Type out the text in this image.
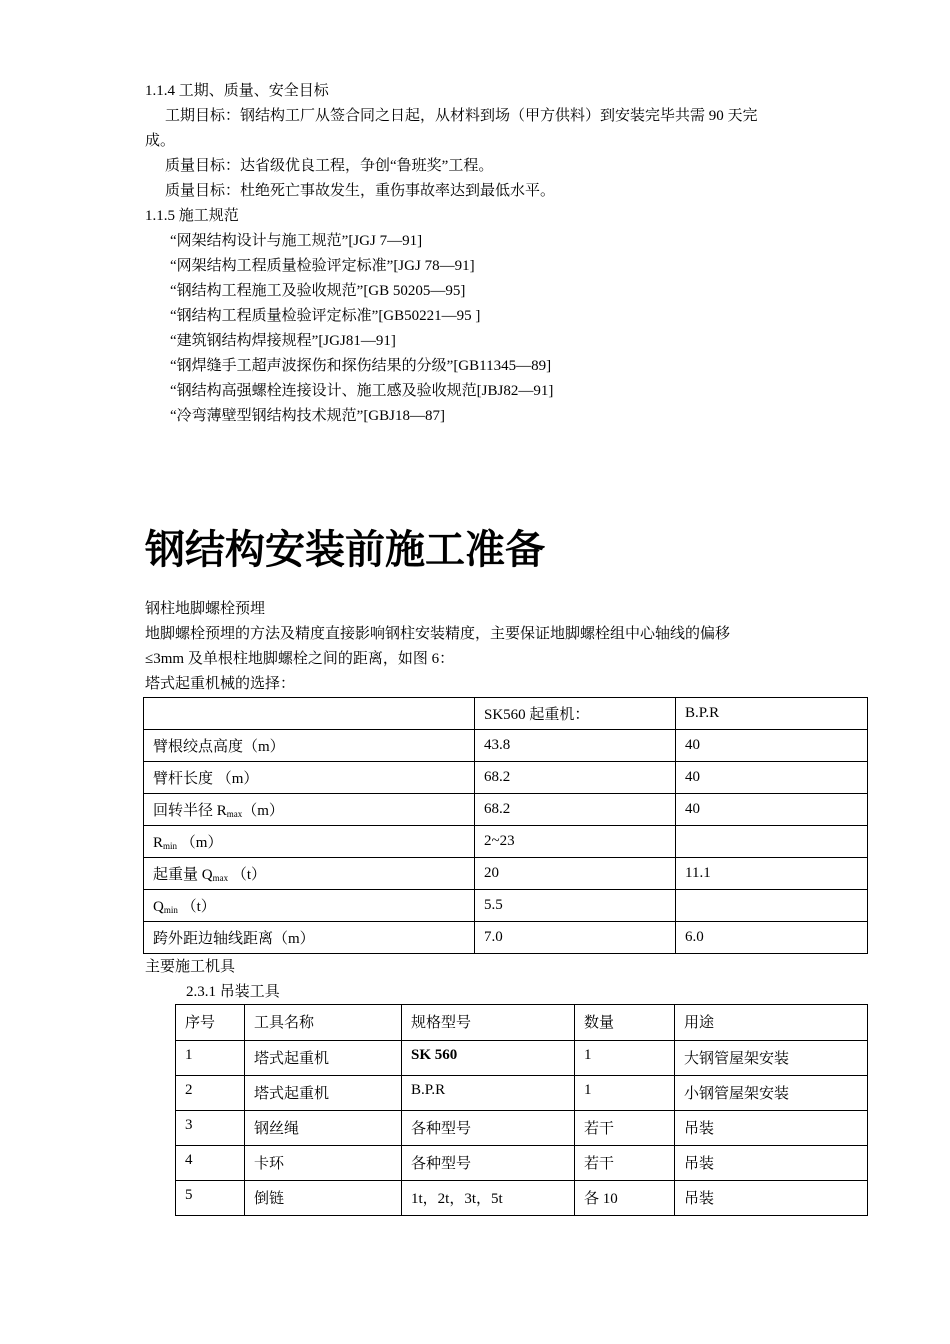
1.1.4 工期、质量、安全目标
工期目标：钢结构工厂从签合同之日起，从材料到场（甲方供料）到安装完毕共需 90 天完
成。
质量目标：达省级优良工程，争创“鲁班奖”工程。
质量目标：杜绝死亡事故发生，重伤事故率达到最低水平。
1.1.5 施工规范
“网架结构设计与施工规范”[JGJ 7—91]
“网架结构工程质量检验评定标准”[JGJ 78—91]
“钢结构工程施工及验收规范”[GB 50205—95]
“钢结构工程质量检验评定标准”[GB50221—95 ]
“建筑钢结构焊接规程”[JGJ81—91]
“钢焊缝手工超声波探伤和探伤结果的分级”[GB11345—89]
“钢结构高强螺栓连接设计、施工感及验收规范[JBJ82—91]
“冷弯薄壁型钢结构技术规范”[GBJ18—87]
钢结构安装前施工准备
钢柱地脚螺栓预埋
地脚螺栓预埋的方法及精度直接影响钢柱安装精度，主要保证地脚螺栓组中心轴线的偏移
≤3mm 及单根柱地脚螺栓之间的距离，如图 6：
塔式起重机械的选择：
	SK560 起重机：	B.P.R
臂根绞点高度（m）	43.8	40
臂杆长度 （m）	68.2	40
回转半径 $R_{max}(m)$	68.2	40
$R_{min}$ （m）	2~23	
起重量 $Q_{max}$ （t）	20	11.1
$Q_{min}$ （t）	5.5	
跨外距边轴线距离（m）	7.0	6.0
主要施工机具
2.3.1 吊装工具
序号	工具名称	规格型号	数量	用途
1	塔式起重机	SK 560	1	大钢管屋架安装
2	塔式起重机	B.P.R	1	小钢管屋架安装
3	钢丝绳	各种型号	若干	吊装
4	卡环	各种型号	若干	吊装
5	倒链	1t，2t，3t，5t	各 10	吊装
